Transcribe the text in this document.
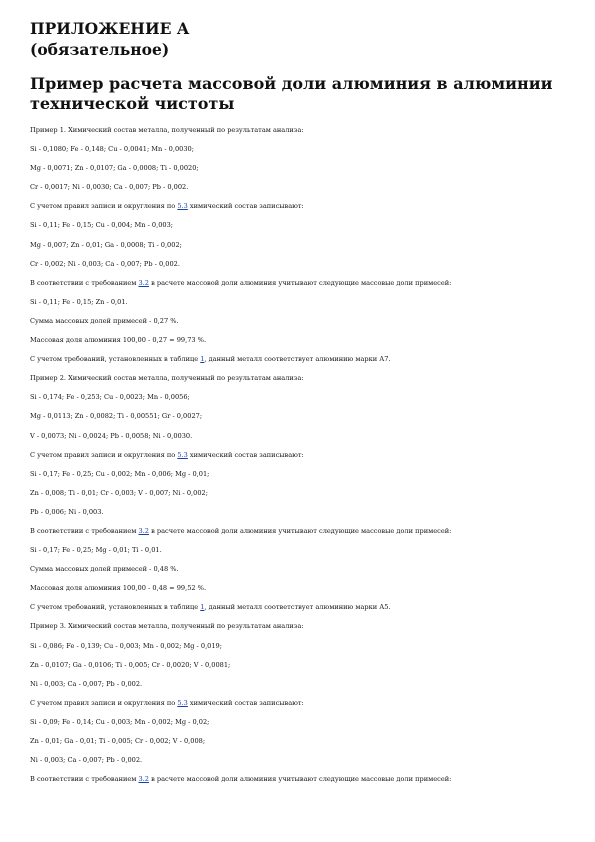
ПРИЛОЖЕНИЕ А
(обязательное)
Пример расчета массовой доли алюминия в алюминии
технической чистоты

Пример 1. Химический состав металла, полученный по результатам анализа:

Si - 0,1080; Fe - 0,148; Cu - 0,0041; Mn - 0,0030;

Mg - 0,0071; Zn - 0,0107; Ga - 0,0008; Ti - 0,0020;

Cr - 0,0017; Ni - 0,0030; Ca - 0,007; Pb - 0,002.

С учетом правил записи и округления по 5.3 химический состав записывают:

Si - 0,11; Fe - 0,15; Cu - 0,004; Mn - 0,003;

Mg - 0,007; Zn - 0,01; Ga - 0,0008; Ti - 0,002;

Cr - 0,002; Ni - 0,003; Ca - 0,007; Pb - 0,002.

В соответствии с требованием 3.2 в расчете массовой доли алюминия учитывают следующие массовые доли примесей:

Si - 0,11; Fe - 0,15; Zn - 0,01.

Сумма массовых долей примесей - 0,27 %.

Массовая доля алюминия 100,00 - 0,27 = 99,73 %.

С учетом требований, установленных в таблице 1, данный металл соответствует алюминию марки А7.

Пример 2. Химический состав металла, полученный по результатам анализа:

Si - 0,174; Fe - 0,253; Cu - 0,0023; Mn - 0,0056;

Mg - 0,0113; Zn - 0,0082; Ti - 0,00551; Gr - 0,0027;

V - 0,0073; Ni - 0,0024; Pb - 0,0058; Ni - 0,0030.

С учетом правил записи и округления по 5.3 химический состав записывают:

Si - 0,17; Fe - 0,25; Cu - 0,002; Mn - 0,006; Mg - 0,01;

Zn - 0,008; Ti - 0,01; Cr - 0,003; V - 0,007; Ni - 0,002;

Pb - 0,006; Ni - 0,003.

В соответствии с требованием 3.2 в расчете массовой доли алюминия учитывают следующие массовые доли примесей:

Si - 0,17; Fe - 0,25; Mg - 0,01; Ti - 0,01.

Сумма массовых долей примесей - 0,48 %.

Массовая доля алюминия 100,00 - 0,48 = 99,52 %.

С учетом требований, установленных в таблице 1, данный металл соответствует алюминию марки А5.

Пример 3. Химический состав металла, полученный по результатам анализа:

Si - 0,086; Fe - 0,139; Cu - 0,003; Mn - 0,002; Mg - 0,019;

Zn - 0,0107; Ga - 0,0106; Ti - 0,005; Cr - 0,0020; V - 0,0081;

Ni - 0,003; Ca - 0,007; Pb - 0,002.

С учетом правил записи и округления по 5.3 химический состав записывают:

Si - 0,09; Fe - 0,14; Cu - 0,003; Mn - 0,002; Mg - 0,02;

Zn - 0,01; Ga - 0,01; Ti - 0,005; Cr - 0,002; V - 0,008;

Ni - 0,003; Ca - 0,007; Pb - 0,002.

В соответствии с требованием 3.2 в расчете массовой доли алюминия учитывают следующие массовые доли примесей:
